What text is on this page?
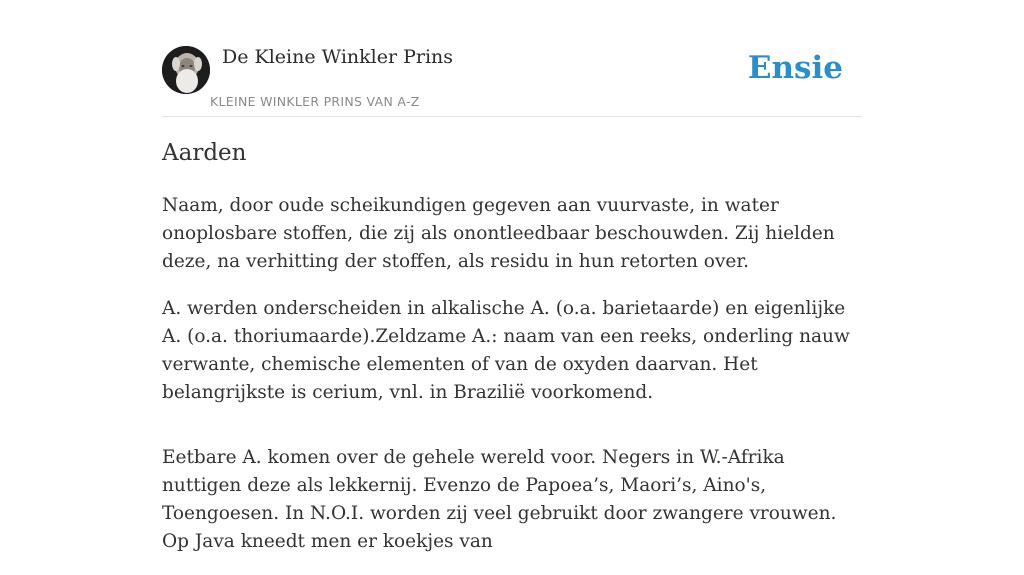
De Kleine Winkler Prins
KLEINE WINKLER PRINS VAN A-Z
Ensie
Aarden

Naam, door oude scheikundigen gegeven aan vuurvaste, in water onoplosbare stoffen, die zij als onontleedbaar beschouwden. Zij hielden deze, na verhitting der stoffen, als residu in hun retorten over.

A. werden onderscheiden in alkalische A. (o.a. barietaarde) en eigenlijke A. (o.a. thoriumaarde).Zeldzame A.: naam van een reeks, onderling nauw verwante, chemische elementen of van de oxyden daarvan. Het belangrijkste is cerium, vnl. in Brazilië voorkomend.

Eetbare A. komen over de gehele wereld voor. Negers in W.-Afrika nuttigen deze als lekkernij. Evenzo de Papoea’s, Maori’s, Aino's, Toengoesen. In N.O.I. worden zij veel gebruikt door zwangere vrouwen. Op Java kneedt men er koekjes van
